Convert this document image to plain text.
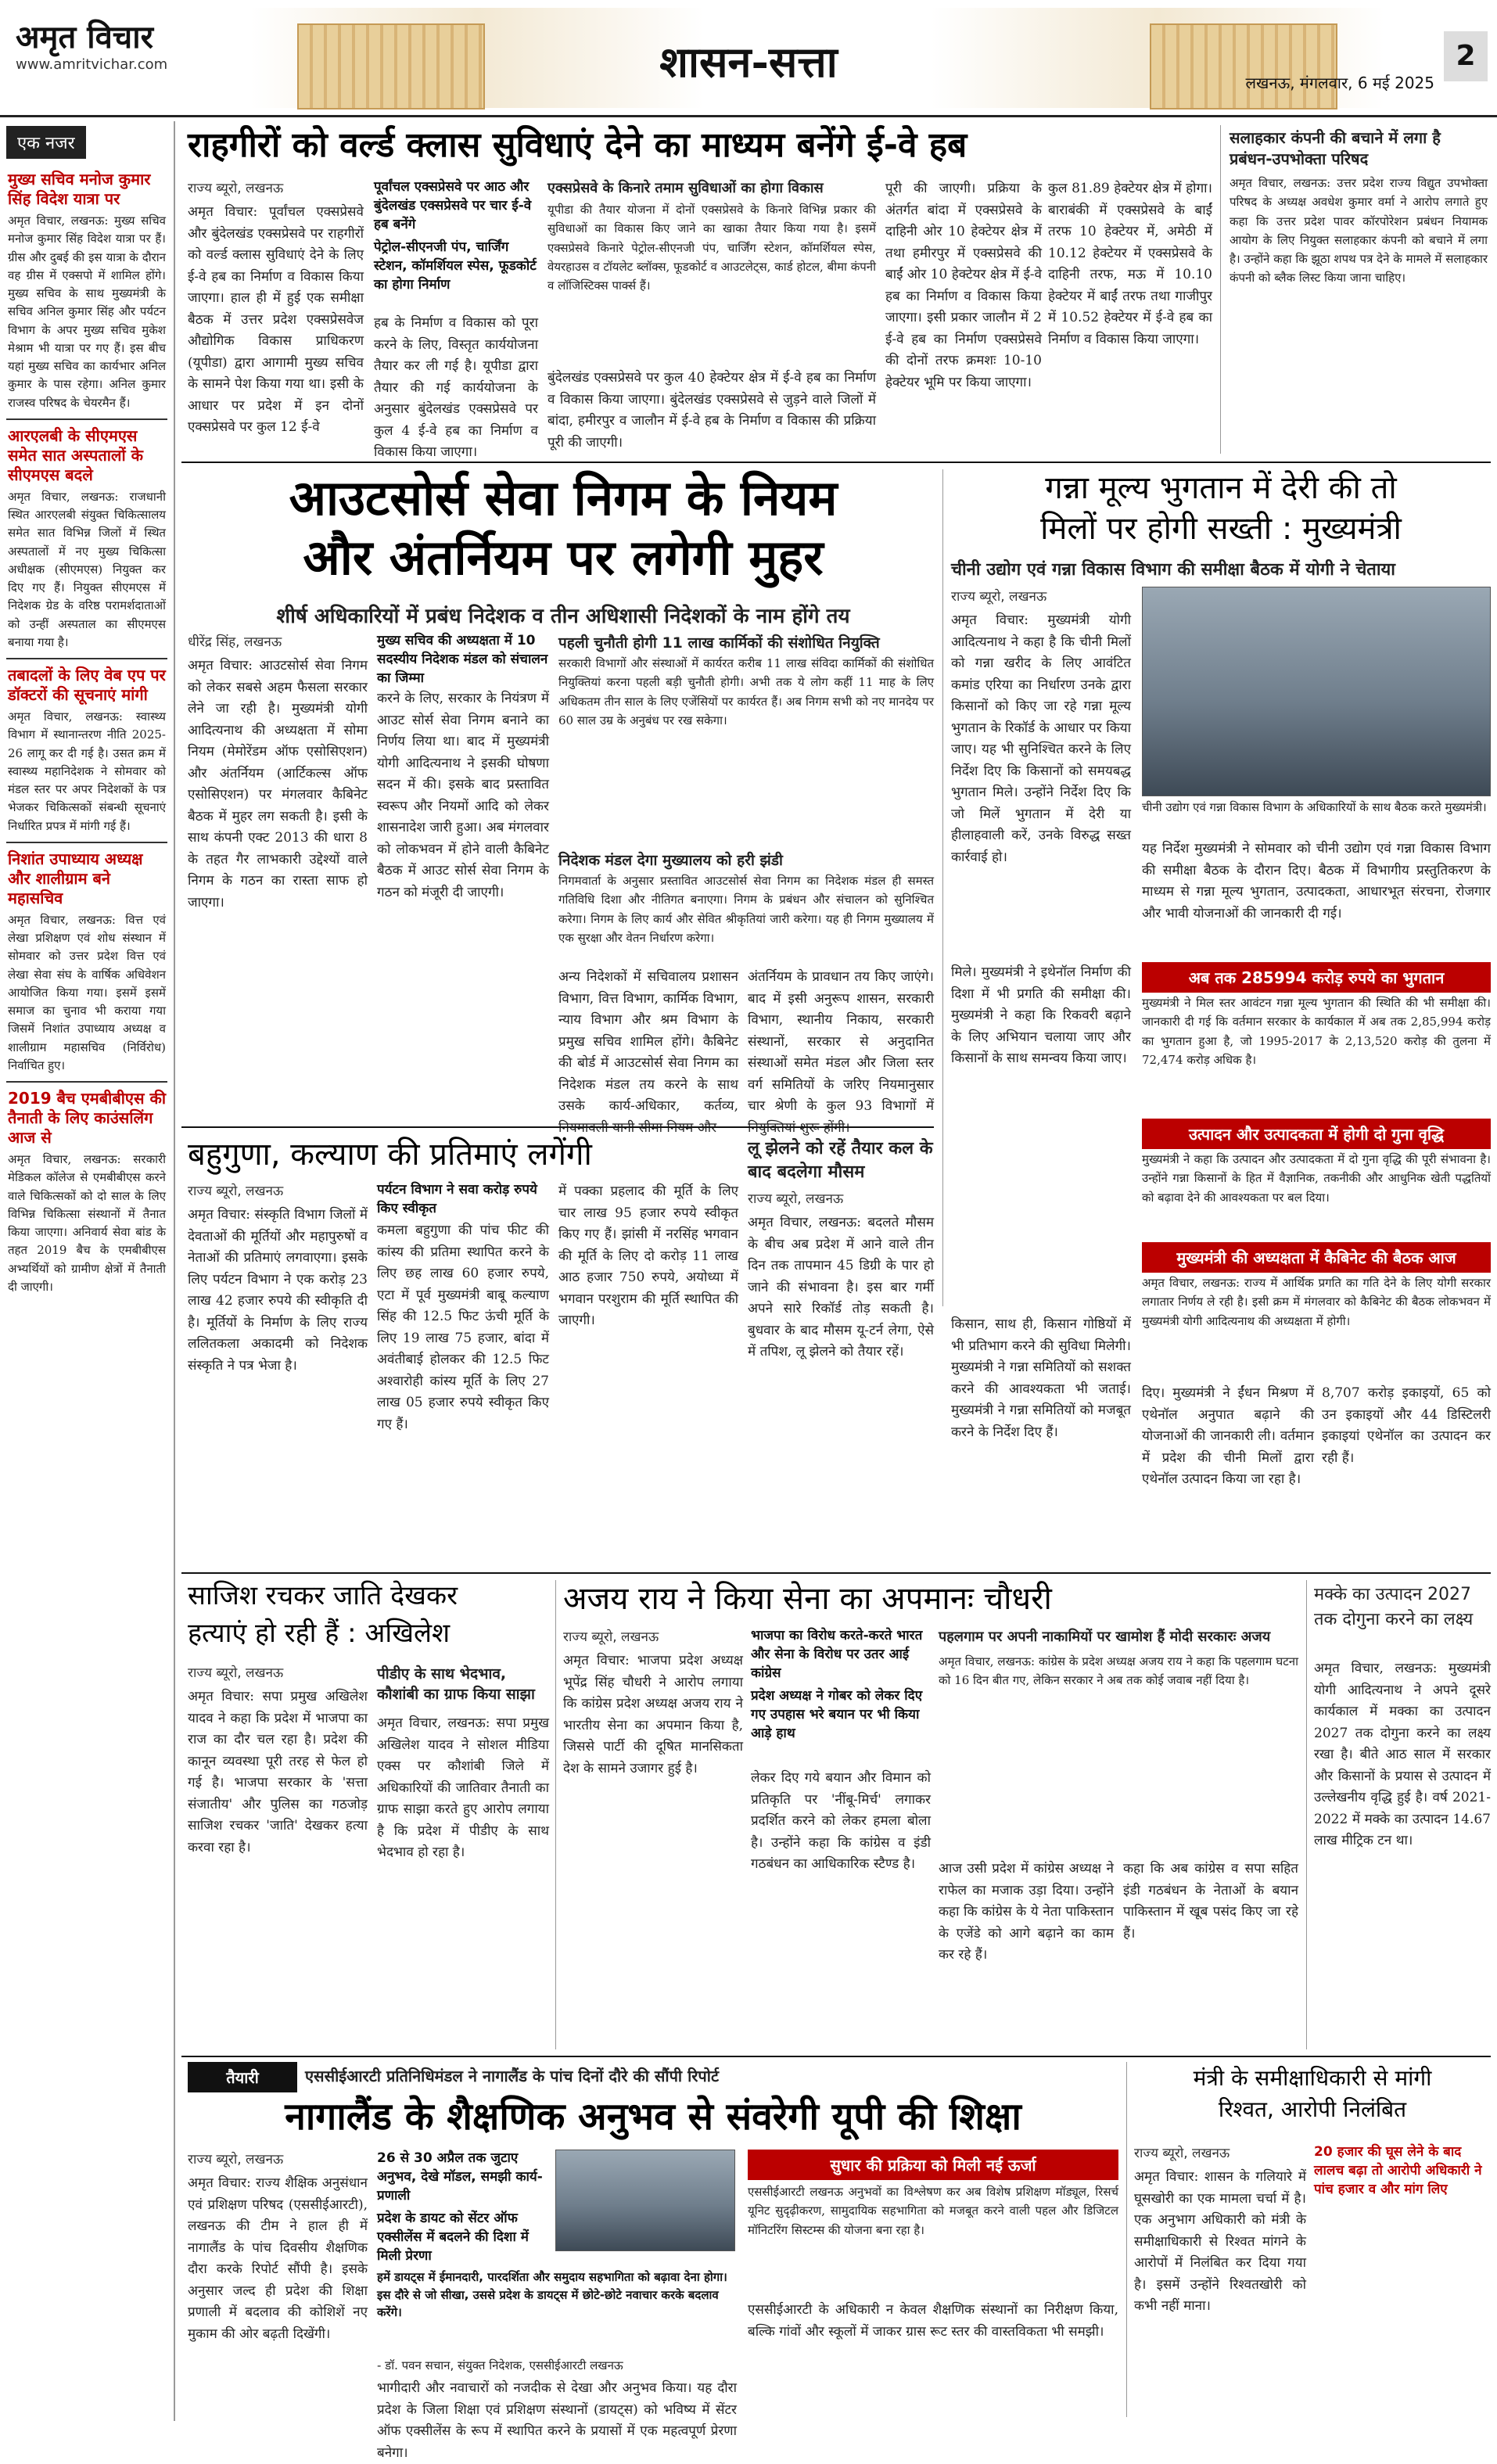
अमृत विचार
www.amritvichar.com	शासन-सत्ता	लखनऊ, मंगलवार, 6 मई 2025
2
एक नजर
मुख्य सचिव मनोज कुमार सिंह विदेश यात्रा पर
अमृत विचार, लखनऊ: मुख्य सचिव मनोज कुमार सिंह विदेश यात्रा पर हैं। ग्रीस और दुबई की इस यात्रा के दौरान वह ग्रीस में एक्सपो में शामिल होंगे। मुख्य सचिव के साथ मुख्यमंत्री के सचिव अनिल कुमार सिंह और पर्यटन विभाग के अपर मुख्य सचिव मुकेश मेश्राम भी यात्रा पर गए हैं। इस बीच यहां मुख्य सचिव का कार्यभार अनिल कुमार के पास रहेगा। अनिल कुमार राजस्व परिषद के चेयरमैन हैं।
आरएलबी के सीएमएस समेत सात अस्पतालों के सीएमएस बदले
अमृत विचार, लखनऊ: राजधानी स्थित आरएलबी संयुक्त चिकित्सालय समेत सात विभिन्न जिलों में स्थित अस्पतालों में नए मुख्य चिकित्सा अधीक्षक (सीएमएस) नियुक्त कर दिए गए हैं। नियुक्त सीएमएस में निदेशक ग्रेड के वरिष्ठ परामर्शदाताओं को उन्हीं अस्पताल का सीएमएस बनाया गया है।
तबादलों के लिए वेब एप पर डॉक्टरों की सूचनाएं मांगी
अमृत विचार, लखनऊ: स्वास्थ्य विभाग में स्थानान्तरण नीति 2025-26 लागू कर दी गई है। उसत क्रम में स्वास्थ्य महानिदेशक ने सोमवार को मंडल स्तर पर अपर निदेशकों के पत्र भेजकर चिकित्सकों संबन्धी सूचनाएं निर्धारित प्रपत्र में मांगी गई हैं।
निशांत उपाध्याय अध्यक्ष और शालीग्राम बने महासचिव
अमृत विचार, लखनऊ: वित्त एवं लेखा प्रशिक्षण एवं शोध संस्थान में सोमवार को उत्तर प्रदेश वित्त एवं लेखा सेवा संघ के वार्षिक अधिवेशन आयोजित किया गया। इसमें इसमें समाज का चुनाव भी कराया गया जिसमें निशांत उपाध्याय अध्यक्ष व शालीग्राम महासचिव (निर्विरोध) निर्वाचित हुए।
2019 बैच एमबीबीएस की तैनाती के लिए काउंसलिंग आज से
अमृत विचार, लखनऊ: सरकारी मेडिकल कॉलेज से एमबीबीएस करने वाले चिकित्सकों को दो साल के लिए विभिन्न चिकित्सा संस्थानों में तैनात किया जाएगा। अनिवार्य सेवा बांड के तहत 2019 बैच के एमबीबीएस अभ्यर्थियों को ग्रामीण क्षेत्रों में तैनाती दी जाएगी।
राहगीरों को वर्ल्ड क्लास सुविधाएं देने का माध्यम बनेंगे ई-वे हब
राज्य ब्यूरो, लखनऊ
अमृत विचार: पूर्वांचल एक्सप्रेसवे और बुंदेलखंड एक्सप्रेसवे पर राहगीरों को वर्ल्ड क्लास सुविधाएं देने के लिए ई-वे हब का निर्माण व विकास किया जाएगा। हाल ही में हुई एक समीक्षा बैठक में उत्तर प्रदेश एक्सप्रेसवेज औद्योगिक विकास प्राधिकरण (यूपीडा) द्वारा आगामी मुख्य सचिव के सामने पेश किया गया था। इसी के आधार पर प्रदेश में इन दोनों एक्सप्रेसवे पर कुल 12 ई-वे
पूर्वांचल एक्सप्रेसवे पर आठ और बुंदेलखंड एक्सप्रेसवे पर चार ई-वे हब बनेंगे
पेट्रोल-सीएनजी पंप, चार्जिंग स्टेशन, कॉमर्शियल स्पेस, फूडकोर्ट का होगा निर्माण
हब के निर्माण व विकास को पूरा करने के लिए, विस्तृत कार्ययोजना तैयार कर ली गई है। यूपीडा द्वारा तैयार की गई कार्ययोजना के अनुसार बुंदेलखंड एक्सप्रेसवे पर कुल 4 ई-वे हब का निर्माण व विकास किया जाएगा।
एक्सप्रेसवे के किनारे तमाम सुविधाओं का होगा विकास
यूपीडा की तैयार योजना में दोनों एक्सप्रेसवे के किनारे विभिन्न प्रकार की सुविधाओं का विकास किए जाने का खाका तैयार किया गया है। इसमें एक्सप्रेसवे किनारे पेट्रोल-सीएनजी पंप, चार्जिंग स्टेशन, कॉमर्शियल स्पेस, वेयरहाउस व टॉयलेट ब्लॉक्स, फूडकोर्ट व आउटलेट्स, कार्ड होटल, बीमा कंपनी व लॉजिस्टिक्स पार्क्स हैं।
बुंदेलखंड एक्सप्रेसवे पर कुल 40 हेक्टेयर क्षेत्र में ई-वे हब का निर्माण व विकास किया जाएगा। बुंदेलखंड एक्सप्रेसवे से जुड़ने वाले जिलों में बांदा, हमीरपुर व जालौन में ई-वे हब के निर्माण व विकास की प्रक्रिया पूरी की जाएगी।
पूरी की जाएगी। प्रक्रिया के अंतर्गत बांदा में एक्सप्रेसवे के दाहिनी ओर 10 हेक्टेयर क्षेत्र में तथा हमीरपुर में एक्सप्रेसवे की बाईं ओर 10 हेक्टेयर क्षेत्र में ई-वे हब का निर्माण व विकास किया जाएगा। इसी प्रकार जालौन में 2 ई-वे हब का निर्माण एक्सप्रेसवे की दोनों तरफ क्रमशः 10-10 हेक्टेयर भूमि पर किया जाएगा।
कुल 81.89 हेक्टेयर क्षेत्र में होगा। बाराबंकी में एक्सप्रेसवे के बाईं तरफ 10 हेक्टेयर में, अमेठी में 10.12 हेक्टेयर में एक्सप्रेसवे के दाहिनी तरफ, मऊ में 10.10 हेक्टेयर में बाईं तरफ तथा गाजीपुर में 10.52 हेक्टेयर में ई-वे हब का निर्माण व विकास किया जाएगा।
सलाहकार कंपनी की बचाने में लगा है प्रबंधन-उपभोक्ता परिषद
अमृत विचार, लखनऊ: उत्तर प्रदेश राज्य विद्युत उपभोक्ता परिषद के अध्यक्ष अवधेश कुमार वर्मा ने आरोप लगाते हुए कहा कि उत्तर प्रदेश पावर कॉरपोरेशन प्रबंधन नियामक आयोग के लिए नियुक्त सलाहकार कंपनी को बचाने में लगा है। उन्होंने कहा कि झूठा शपथ पत्र देने के मामले में सलाहकार कंपनी को ब्लैक लिस्ट किया जाना चाहिए।
आउटसोर्स सेवा निगम के नियम
और अंतर्नियम पर लगेगी मुहर
शीर्ष अधिकारियों में प्रबंध निदेशक व तीन अधिशासी निदेशकों के नाम होंगे तय
धीरेंद्र सिंह, लखनऊ
अमृत विचार: आउटसोर्स सेवा निगम को लेकर सबसे अहम फैसला सरकार लेने जा रही है। मुख्यमंत्री योगी आदित्यनाथ की अध्यक्षता में सोमा नियम (मेमोरेंडम ऑफ एसोसिएशन) और अंतर्नियम (आर्टिकल्स ऑफ एसोसिएशन) पर मंगलवार कैबिनेट बैठक में मुहर लग सकती है। इसी के साथ कंपनी एक्ट 2013 की धारा 8 के तहत गैर लाभकारी उद्देश्यों वाले निगम के गठन का रास्ता साफ हो जाएगा।
मुख्य सचिव की अध्यक्षता में 10 सदस्यीय निदेशक मंडल को संचालन का जिम्मा
करने के लिए, सरकार के नियंत्रण में आउट सोर्स सेवा निगम बनाने का निर्णय लिया था। बाद में मुख्यमंत्री योगी आदित्यनाथ ने इसकी घोषणा सदन में की। इसके बाद प्रस्तावित स्वरूप और नियमों आदि को लेकर शासनादेश जारी हुआ। अब मंगलवार को लोकभवन में होने वाली कैबिनेट बैठक में आउट सोर्स सेवा निगम के गठन को मंजूरी दी जाएगी।
पहली चुनौती होगी 11 लाख कार्मिकों की संशोधित नियुक्ति
सरकारी विभागों और संस्थाओं में कार्यरत करीब 11 लाख संविदा कार्मिकों की संशोधित नियुक्तियां करना पहली बड़ी चुनौती होगी। अभी तक ये लोग कहीं 11 माह के लिए अधिकतम तीन साल के लिए एजेंसियों पर कार्यरत हैं। अब निगम सभी को नए मानदेय पर 60 साल उम्र के अनुबंध पर रख सकेगा।
निदेशक मंडल देगा मुख्यालय को हरी झंडी
निगमवार्ता के अनुसार प्रस्तावित आउटसोर्स सेवा निगम का निदेशक मंडल ही समस्त गतिविधि दिशा और नीतिगत बनाएगा। निगम के प्रबंधन और संचालन को सुनिश्चित करेगा। निगम के लिए कार्य और सेवित श्रीकृतियां जारी करेगा। यह ही निगम मुख्यालय में एक सुरक्षा और वेतन निर्धारण करेगा।
अन्य निदेशकों में सचिवालय प्रशासन विभाग, वित्त विभाग, कार्मिक विभाग, न्याय विभाग और श्रम विभाग के प्रमुख सचिव शामिल होंगे। कैबिनेट की बोर्ड में आउटसोर्स सेवा निगम का निदेशक मंडल तय करने के साथ उसके कार्य-अधिकार, कर्तव्य, नियमावली यानी सीमा नियम और
अंतर्नियम के प्रावधान तय किए जाएंगे। बाद में इसी अनुरूप शासन, सरकारी विभाग, स्थानीय निकाय, सरकारी संस्थानों, सरकार से अनुदानित संस्थाओं समेत मंडल और जिला स्तर वर्ग समितियों के जरिए नियमानुसार चार श्रेणी के कुल 93 विभागों में नियुक्तियां शुरू होंगी।
गन्ना मूल्य भुगतान में देरी की तो
मिलों पर होगी सख्ती : मुख्यमंत्री
चीनी उद्योग एवं गन्ना विकास विभाग की समीक्षा बैठक में योगी ने चेताया
राज्य ब्यूरो, लखनऊ
अमृत विचार: मुख्यमंत्री योगी आदित्यनाथ ने कहा है कि चीनी मिलों को गन्ना खरीद के लिए आवंटित कमांड एरिया का निर्धारण उनके द्वारा किसानों को किए जा रहे गन्ना मूल्य भुगतान के रिकॉर्ड के आधार पर किया जाए। यह भी सुनिश्चित करने के लिए निर्देश दिए कि किसानों को समयबद्ध भुगतान मिले। उन्होंने निर्देश दिए कि जो मिलें भुगतान में देरी या हीलाहवाली करें, उनके विरुद्ध सख्त कार्रवाई हो।
चीनी उद्योग एवं गन्ना विकास विभाग के अधिकारियों के साथ बैठक करते मुख्यमंत्री।
यह निर्देश मुख्यमंत्री ने सोमवार को चीनी उद्योग एवं गन्ना विकास विभाग की समीक्षा बैठक के दौरान दिए। बैठक में विभागीय प्रस्तुतिकरण के माध्यम से गन्ना मूल्य भुगतान, उत्पादकता, आधारभूत संरचना, रोजगार और भावी योजनाओं की जानकारी दी गई।
अब तक 285994 करोड़ रुपये का भुगतान
मुख्यमंत्री ने मिल स्तर आवंटन गन्ना मूल्य भुगतान की स्थिति की भी समीक्षा की। जानकारी दी गई कि वर्तमान सरकार के कार्यकाल में अब तक 2,85,994 करोड़ का भुगतान हुआ है, जो 1995-2017 के 2,13,520 करोड़ की तुलना में 72,474 करोड़ अधिक है।
उत्पादन और उत्पादकता में होगी दो गुना वृद्धि
मुख्यमंत्री ने कहा कि उत्पादन और उत्पादकता में दो गुना वृद्धि की पूरी संभावना है। उन्होंने गन्ना किसानों के हित में वैज्ञानिक, तकनीकी और आधुनिक खेती पद्धतियों को बढ़ावा देने की आवश्यकता पर बल दिया।
मुख्यमंत्री की अध्यक्षता में कैबिनेट की बैठक आज
अमृत विचार, लखनऊ: राज्य में आर्थिक प्रगति का गति देने के लिए योगी सरकार लगातार निर्णय ले रही है। इसी क्रम में मंगलवार को कैबिनेट की बैठक लोकभवन में मुख्यमंत्री योगी आदित्यनाथ की अध्यक्षता में होगी।
मिले। मुख्यमंत्री ने इथेनॉल निर्माण की दिशा में भी प्रगति की समीक्षा की। मुख्यमंत्री ने कहा कि रिकवरी बढ़ाने के लिए अभियान चलाया जाए और किसानों के साथ समन्वय किया जाए।
दिए। मुख्यमंत्री ने ईंधन मिश्रण में एथेनॉल अनुपात बढ़ाने की योजनाओं की जानकारी ली। वर्तमान में प्रदेश की चीनी मिलों द्वारा एथेनॉल उत्पादन किया जा रहा है।
8,707 करोड़ इकाइयों, 65 को उन इकाइयों और 44 डिस्टिलरी इकाइयां एथेनॉल का उत्पादन कर रही हैं।
बहुगुणा, कल्याण की प्रतिमाएं लगेंगी
राज्य ब्यूरो, लखनऊ
अमृत विचार: संस्कृति विभाग जिलों में देवताओं की मूर्तियों और महापुरुषों व नेताओं की प्रतिमाएं लगवाएगा। इसके लिए पर्यटन विभाग ने एक करोड़ 23 लाख 42 हजार रुपये की स्वीकृति दी है। मूर्तियों के निर्माण के लिए राज्य ललितकला अकादमी को निदेशक संस्कृति ने पत्र भेजा है।
पर्यटन विभाग ने सवा करोड़ रुपये किए स्वीकृत
कमला बहुगुणा की पांच फीट की कांस्य की प्रतिमा स्थापित करने के लिए छह लाख 60 हजार रुपये, एटा में पूर्व मुख्यमंत्री बाबू कल्याण सिंह की 12.5 फिट ऊंची मूर्ति के लिए 19 लाख 75 हजार, बांदा में अवंतीबाई होलकर की 12.5 फिट अश्वारोही कांस्य मूर्ति के लिए 27 लाख 05 हजार रुपये स्वीकृत किए गए हैं।
में पक्का प्रहलाद की मूर्ति के लिए चार लाख 95 हजार रुपये स्वीकृत किए गए हैं। झांसी में नरसिंह भगवान की मूर्ति के लिए दो करोड़ 11 लाख आठ हजार 750 रुपये, अयोध्या में भगवान परशुराम की मूर्ति स्थापित की जाएगी।
लू झेलने को रहें तैयार कल के बाद बदलेगा मौसम
राज्य ब्यूरो, लखनऊ
अमृत विचार, लखनऊ: बदलते मौसम के बीच अब प्रदेश में आने वाले तीन दिन तक तापमान 45 डिग्री के पार हो जाने की संभावना है। इस बार गर्मी अपने सारे रिकॉर्ड तोड़ सकती है। बुधवार के बाद मौसम यू-टर्न लेगा, ऐसे में तपिश, लू झेलने को तैयार रहें।
किसान, साथ ही, किसान गोष्ठियों में भी प्रतिभाग करने की सुविधा मिलेगी। मुख्यमंत्री ने गन्ना समितियों को सशक्त करने की आवश्यकता भी जताई। मुख्यमंत्री ने गन्ना समितियों को मजबूत करने के निर्देश दिए हैं।
साजिश रचकर जाति देखकर
हत्याएं हो रही हैं : अखिलेश
राज्य ब्यूरो, लखनऊ
अमृत विचार: सपा प्रमुख अखिलेश यादव ने कहा कि प्रदेश में भाजपा का राज का दौर चल रहा है। प्रदेश की कानून व्यवस्था पूरी तरह से फेल हो गई है। भाजपा सरकार के 'सत्ता संजातीय' और पुलिस का गठजोड़ साजिश रचकर 'जाति' देखकर हत्या करवा रहा है।
पीडीए के साथ भेदभाव, कौशांबी का ग्राफ किया साझा
अमृत विचार, लखनऊ: सपा प्रमुख अखिलेश यादव ने सोशल मीडिया एक्स पर कौशांबी जिले में अधिकारियों की जातिवार तैनाती का ग्राफ साझा करते हुए आरोप लगाया है कि प्रदेश में पीडीए के साथ भेदभाव हो रहा है।
अजय राय ने किया सेना का अपमानः चौधरी
राज्य ब्यूरो, लखनऊ	भाजपा का विरोध करते-करते भारत और सेना के विरोध पर उतर आई कांग्रेस
प्रदेश अध्यक्ष ने गोबर को लेकर दिए गए उपहास भरे बयान पर भी किया आड़े हाथ
अमृत विचार: भाजपा प्रदेश अध्यक्ष भूपेंद्र सिंह चौधरी ने आरोप लगाया कि कांग्रेस प्रदेश अध्यक्ष अजय राय ने भारतीय सेना का अपमान किया है, जिससे पार्टी की दूषित मानसिकता देश के सामने उजागर हुई है।
लेकर दिए गये बयान और विमान को प्रतिकृति पर 'नींबू-मिर्च' लगाकर प्रदर्शित करने को लेकर हमला बोला है। उन्होंने कहा कि कांग्रेस व इंडी गठबंधन का आधिकारिक स्टैण्ड है।
पहलगाम पर अपनी नाकामियों पर खामोश हैं मोदी सरकारः अजय
अमृत विचार, लखनऊ: कांग्रेस के प्रदेश अध्यक्ष अजय राय ने कहा कि पहलगाम घटना को 16 दिन बीत गए, लेकिन सरकार ने अब तक कोई जवाब नहीं दिया है।
आज उसी प्रदेश में कांग्रेस अध्यक्ष ने राफेल का मजाक उड़ा दिया। उन्होंने कहा कि कांग्रेस के ये नेता पाकिस्तान के एजेंडे को आगे बढ़ाने का काम कर रहे हैं।
कहा कि अब कांग्रेस व सपा सहित इंडी गठबंधन के नेताओं के बयान पाकिस्तान में खूब पसंद किए जा रहे हैं।
मक्के का उत्पादन 2027
तक दोगुना करने का लक्ष्य
अमृत विचार, लखनऊ: मुख्यमंत्री योगी आदित्यनाथ ने अपने दूसरे कार्यकाल में मक्का का उत्पादन 2027 तक दोगुना करने का लक्ष्य रखा है। बीते आठ साल में सरकार और किसानों के प्रयास से उत्पादन में उल्लेखनीय वृद्धि हुई है। वर्ष 2021-2022 में मक्के का उत्पादन 14.67 लाख मीट्रिक टन था।
तैयारी	एससीईआरटी प्रतिनिधिमंडल ने नागालैंड के पांच दिनों दौरे की सौंपी रिपोर्ट
नागालैंड के शैक्षणिक अनुभव से संवरेगी यूपी की शिक्षा
राज्य ब्यूरो, लखनऊ
अमृत विचार: राज्य शैक्षिक अनुसंधान एवं प्रशिक्षण परिषद (एससीईआरटी), लखनऊ की टीम ने हाल ही में नागालैंड के पांच दिवसीय शैक्षणिक दौरा करके रिपोर्ट सौंपी है। इसके अनुसार जल्द ही प्रदेश की शिक्षा प्रणाली में बदलाव की कोशिशें नए मुकाम की ओर बढ़ती दिखेंगी।
26 से 30 अप्रैल तक जुटाए अनुभव, देखे मॉडल, समझी कार्य-प्रणाली
प्रदेश के डायट को सेंटर ऑफ एक्सीलेंस में बदलने की दिशा में मिली प्रेरणा
हमें डायट्स में ईमानदारी, पारदर्शिता और समुदाय सहभागिता को बढ़ावा देना होगा। इस दौरे से जो सीखा, उससे प्रदेश के डायट्स में छोटे-छोटे नवाचार करके बदलाव करेंगे।
- डॉ. पवन सचान, संयुक्त निदेशक, एससीईआरटी लखनऊ
सुधार की प्रक्रिया को मिली नई ऊर्जा
एससीईआरटी लखनऊ अनुभवों का विश्लेषण कर अब विशेष प्रशिक्षण मॉड्यूल, रिसर्च यूनिट सुदृढ़ीकरण, सामुदायिक सहभागिता को मजबूत करने वाली पहल और डिजिटल मॉनिटरिंग सिस्टम्स की योजना बना रहा है।
भागीदारी और नवाचारों को नजदीक से देखा और अनुभव किया। यह दौरा प्रदेश के जिला शिक्षा एवं प्रशिक्षण संस्थानों (डायट्स) को भविष्य में सेंटर ऑफ एक्सीलेंस के रूप में स्थापित करने के प्रयासों में एक महत्वपूर्ण प्रेरणा बनेगा।
एससीईआरटी के अधिकारी न केवल शैक्षणिक संस्थानों का निरीक्षण किया, बल्कि गांवों और स्कूलों में जाकर ग्रास रूट स्तर की वास्तविकता भी समझी।
मंत्री के समीक्षाधिकारी से मांगी
रिश्वत, आरोपी निलंबित
राज्य ब्यूरो, लखनऊ	20 हजार की घूस लेने के बाद लालच बढ़ा तो आरोपी अधिकारी ने पांच हजार व और मांग लिए
अमृत विचार: शासन के गलियारे में घूसखोरी का एक मामला चर्चा में है। एक अनुभाग अधिकारी को मंत्री के समीक्षाधिकारी से रिश्वत मांगने के आरोपों में निलंबित कर दिया गया है। इसमें उन्होंने रिश्वतखोरी को कभी नहीं माना।
